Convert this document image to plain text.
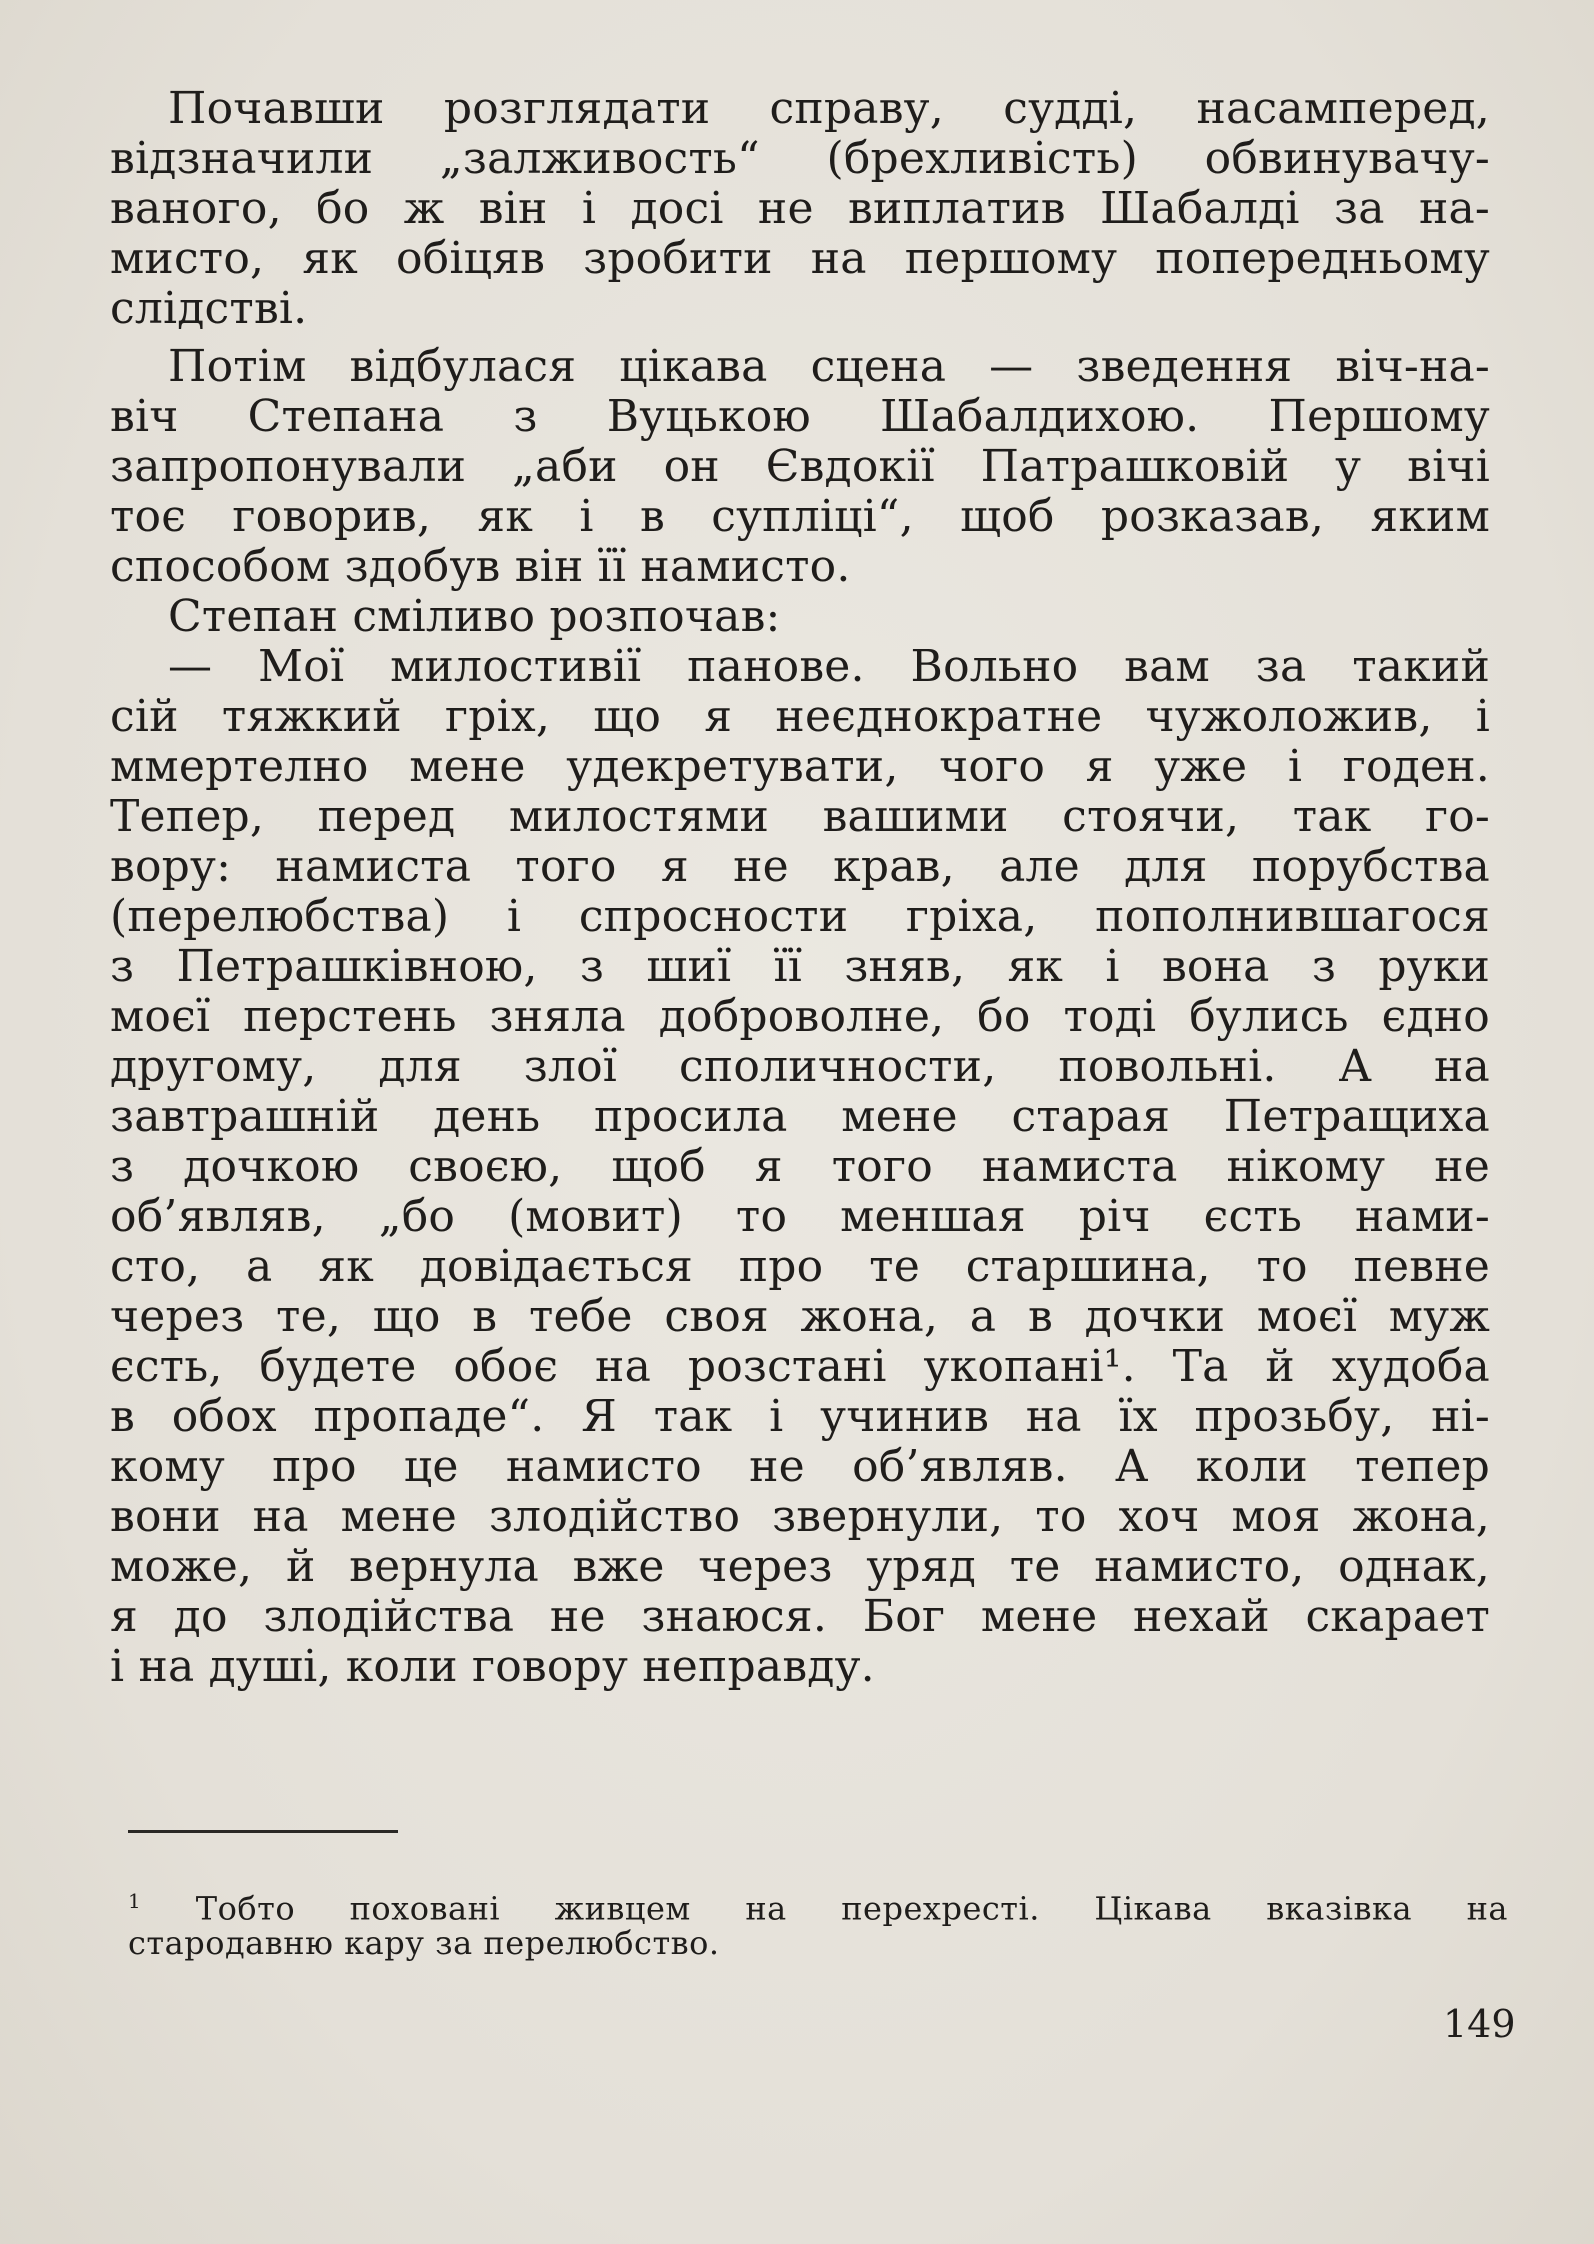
Почавши розглядати справу, судді, насамперед,
відзначили „залживость“ (брехливість) обвинувачу-
ваного, бо ж він і досі не виплатив Шабалді за на-
мисто, як обіцяв зробити на першому попередньому
слідстві.
Потім відбулася цікава сцена — зведення віч-на-
віч Степана з Вуцькою Шабалдихою. Першому
запропонували „аби он Євдокії Патрашковій у вічі
тоє говорив, як і в супліці“, щоб розказав, яким
способом здобув він її намисто.
Степан сміливо розпочав:
— Мої милостивії панове. Вольно вам за такий
сій тяжкий гріх, що я неєднократне чужоложив, і
ммертелно мене удекретувати, чого я уже і годен.
Тепер, перед милостями вашими стоячи, так го-
вору: намиста того я не крав, але для порубства
(перелюбства) і спросности гріха, пополнившагося
з Петрашківною, з шиї її зняв, як і вона з руки
моєї перстень зняла доброволне, бо тоді булись єдно
другому, для злої споличности, повольні. А на
завтрашній день просила мене старая Петращиха
з дочкою своєю, щоб я того намиста нікому не
об’являв, „бо (мовит) то меншая річ єсть нами-
сто, а як довідається про те старшина, то певне
через те, що в тебе своя жона, а в дочки моєї муж
єсть, будете обоє на розстані укопані¹. Та й худоба
в обох пропаде“. Я так і учинив на їх прозьбу, ні-
кому про це намисто не об’являв. А коли тепер
вони на мене злодійство звернули, то хоч моя жона,
може, й вернула вже через уряд те намисто, однак,
я до злодійства не знаюся. Бог мене нехай скарает
і на душі, коли говору неправду.
$^1$ Тобто поховані живцем на перехресті. Цікава вказівка на
стародавню кару за перелюбство.
149
